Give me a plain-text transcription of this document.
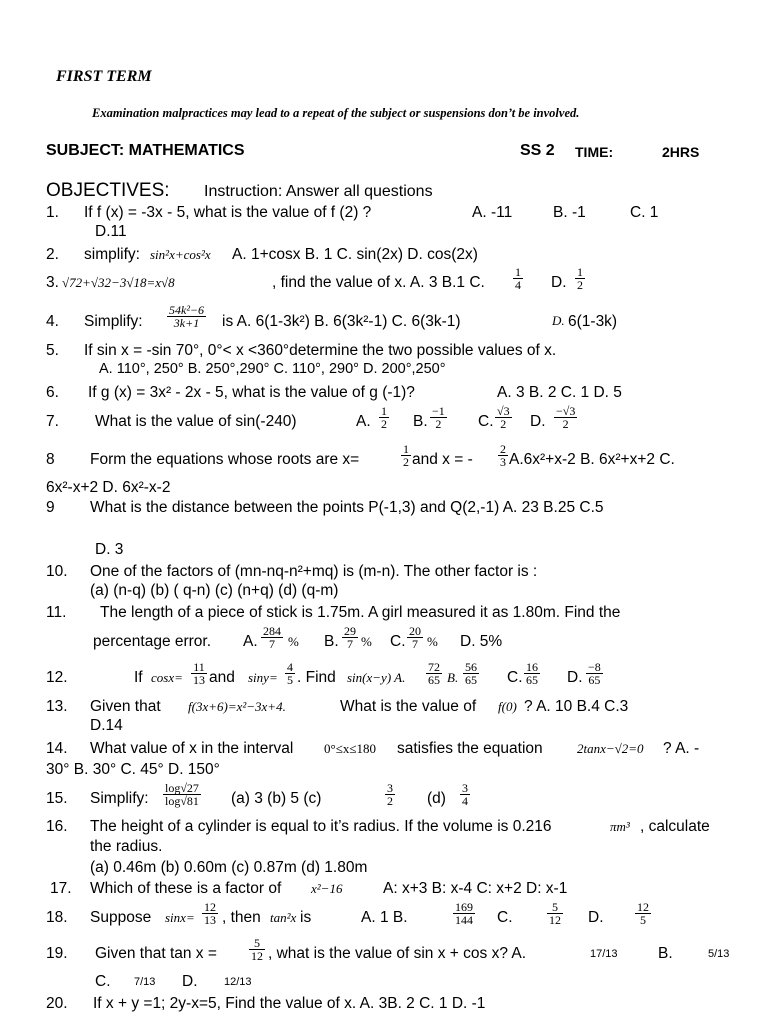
FIRST TERM
Examination malpractices may lead to a repeat of the subject or suspensions don’t be involved.
SUBJECT: MATHEMATICS	SS 2 TIME:	2HRS
OBJECTIVES: Instruction: Answer all questions
1. If f (x) = -3x - 5, what is the value of f (2) ?	A. -11	B. -1	C. 1
D.11
2. simplify: sin²x+cos²x A. 1+cosx B. 1 C. sin(2x) D. cos(2x)
3. √72+√32−3√18=x√8	, find the value of x. A. 3 B.1 C. $\frac{1}{4} D$. $\frac{1}{2}$
4. Simplify: $\frac{\text{54k²−6}}{3k+1}$ is A. 6(1-3k²) B. 6(3k²-1) C. 6(3k-1)	D. 6(1-3k)
5. If sin x = -sin 70°, 0°< x <360°determine the two possible values of x.
A. 110°, 250° B. 250°,290° C. 110°, 290° D. 200°,250°
6. If g (x) = 3x² - 2x - 5, what is the value of g (-1)?	A. 3 B. 2 C. 1 D. 5
7. What is the value of sin(-240)	A. $\frac{1}{2} B$. $\frac{-1}{2} C$. $\frac{√3}{2} D$. $\frac{-√3}{2}$
8 Form the equations whose roots are x=	$\frac{1}{2}$ and x = - $\frac{2}{3} A.6x^2+x-2$ B. 6x²+x+2 C.
6x²-x+2 D. 6x²-x-2
9 What is the distance between the points P(-1,3) and Q(2,-1) A. 23 B.25 C.5
D. 3
10. One of the factors of (mn-nq-n²+mq) is (m-n). The other factor is :
(a) (n-q) (b) ( q-n) (c) (n+q) (d) (q-m)
11. The length of a piece of stick is 1.75m. A girl measured it as 1.80m. Find the
percentage error. A. $\frac{284}{7}$ % B. $\frac{29}{7}$ % C. $\frac{20}{7}$ % D. 5%
12.	If $\cos x= \frac{11}{13}$ and $\sin y= \frac{4}{5}$ . Find sin(x−y) A. $\frac{72}{65} B$. $\frac{56}{65} C$. $\frac{16}{65} D$. $\frac{-8}{65}$
13. Given that f(3x+6)=x²−3x+4.	What is the value of f(0) ? A. 10 B.4 C.3
D.14
14. What value of x in the interval 0°≤x≤180 satisfies the equation	2tanx−√2=0 ? A. -
30° B. 30° C. 45° D. 150°
15. Simplify: $\frac{\log√27}{\log√81} (a)$ 3 (b) 5 (c)	$\frac{3}{2} (d) \frac{3}{4}$
16. The height of a cylinder is equal to it’s radius. If the volume is 0.216	πm³ , calculate
the radius.
(a) 0.46m (b) 0.60m (c) 0.87m (d) 1.80m
17. Which of these is a factor of x²−16	A: x+3 B: x-4 C: x+2 D: x-1
18. Suppose $\sin x= \frac{12}{13}$ , then tan²x is	A. 1 B.	$\frac{169}{144} C$.	$\frac{5}{12} D$.	$\frac{12}{5}$
19. Given that tan x =	$\frac{5}{12}$ , what is the value of sin x + cos x? A.	17/13	B.	5/13
C. 7/13 D. 12/13
20. If x + y =1; 2y-x=5, Find the value of x. A. 3B. 2 C. 1 D. -1
